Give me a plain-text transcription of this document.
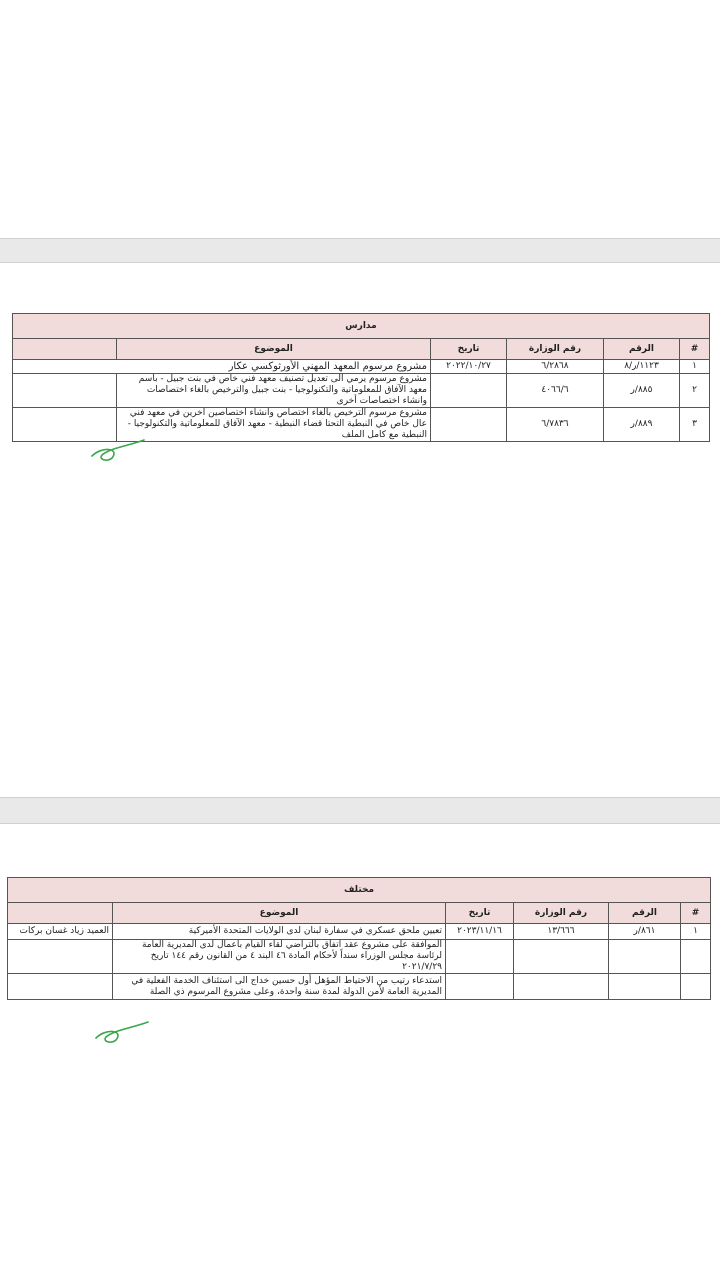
مدارس					
#	الرقم	رقم الوزارة	تاريخ	الموضوع	
١	١١٢٣/ر/٨	٦/٢٨٦٨	٢٠٢٢/١٠/٢٧	مشروع مرسوم المعهد المهني الأورثوكسي عكار	
٢	٨٨٥/ر	٤٠٦٦/٦		مشروع مرسوم يرمي الى تعديل تصنيف معهد فني خاص في بنت جبيل - باسم معهد الآفاق للمعلوماتية والتكنولوجيا - بنت جبيل والترخيص بالغاء اختصاصات وانشاء اختصاصات أخرى	
٣	٨٨٩/ر	٦/٧٨٣٦		مشروع مرسوم الترخيص بالغاء اختصاص وانشاء اختصاصين آخرين في معهد فني عال خاص في النبطية التحتا قضاء النبطية - معهد الآفاق للمعلوماتية والتكنولوجيا - النبطية مع كامل الملف	
مختلف					
#	الرقم	رقم الوزارة	تاريخ	الموضوع	
١	٨٦١/ر	١٣/٦٦٦	٢٠٢٣/١١/١٦	تعيين ملحق عسكري في سفارة لبنان لدى الولايات المتحدة الأميركية	العميد زياد غسان بركات
				الموافقة على مشروع عقد اتفاق بالتراضي لقاء القيام بأعمال لدى المديرية العامة لرئاسة مجلس الوزراء سنداً لأحكام المادة ٤٦ البند ٤ من القانون رقم ١٤٤ تاريخ ٢٠٢١/٧/٢٩	
				استدعاء رتيب من الاحتياط المؤهل أول حسين خداج الى استئناف الخدمة الفعلية في المديرية العامة لأمن الدولة لمدة سنة واحدة، وعلى مشروع المرسوم ذي الصلة	
